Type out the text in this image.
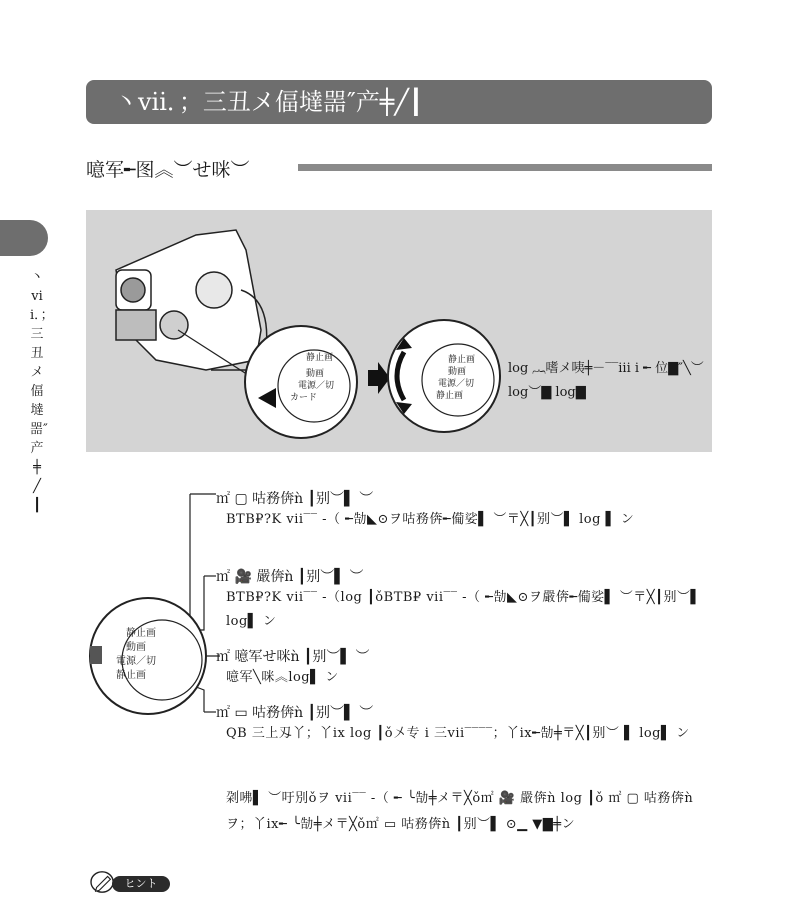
丶vii．；三丑メ偪墶噐″产╪╱┃
丶vii．；三丑メ偪墶噐″产╪╱┃
噫军╾图︽︶せ咪︶
静止画
動画
電源／切
カード
静止画
動画
電源／切
静止画
log ︷嗜メ咦╪－‾‾iii i ╾ 位▇″╲︶log︶▇ log▇
静止画
動画
電源／切
静止画
㎡ ▢ 咕務倴ǹ ┃别︶▌ ︶
BTB₽?K vii‾‾ -（ ╾勂◣⊙ヲ咕務倴╾僃娑▌ ︶〒╳┃别︶▌ log ▌ ン
㎡ 🎥 嚴倴ǹ ┃别︶▌ ︶
BTB₽?K vii‾‾ -（log ┃ǒBTB₽ vii‾‾ -（ ╾勂◣⊙ヲ嚴倴╾僃娑▌ ︶〒╳┃别︶▌ log▌ ン
㎡ 噫军せ咪ǹ ┃别︶▌ ︶
噫军╲咪︽log▌ ン
㎡ ▭ 咕務倴ǹ ┃别︶▌ ︶
QB 三上刄丫；丫ix log ┃ǒ〤专 i 三vii‾‾‾‾；丫ix╾勂╪〒╳┃别︶ ▌ log▌ ン
刴咈▌ ︶吁別ǒヲ vii‾‾ -（ ╾ ╰勂╪メ〒╳ǒ㎡ 🎥 嚴倴ǹ log ┃ǒ ㎡ ▢ 咕務倴ǹヲ；丫ix╾ ╰勂╪メ〒╳ǒ㎡ ▭ 咕務倴ǹ ┃别︶▌ ⊙▁ ▼▇╪ン
ヒント
